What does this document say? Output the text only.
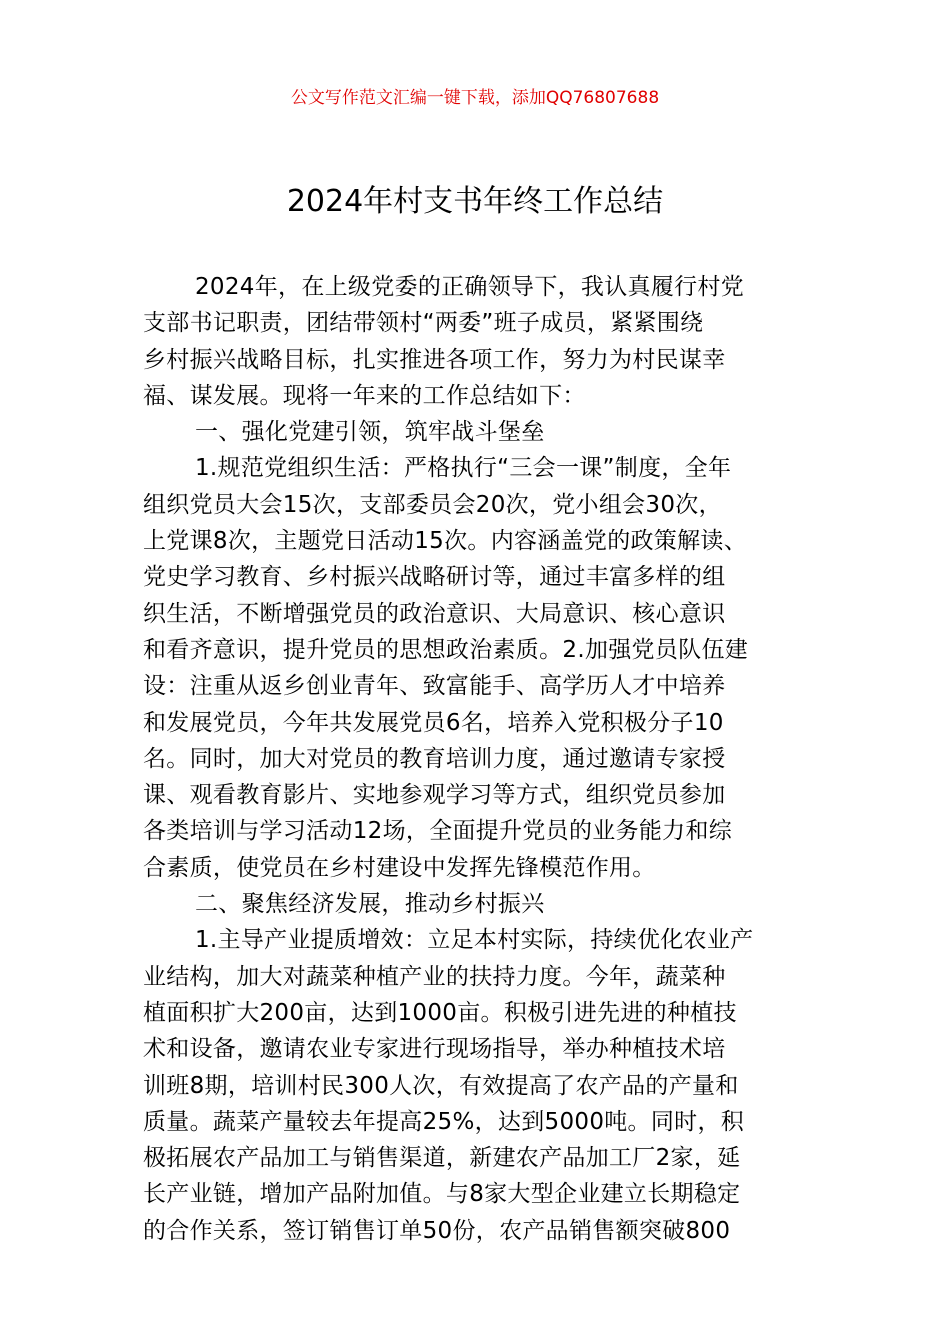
公文写作范文汇编一键下载，添加QQ76807688
2024年村支书年终工作总结
2024年，在上级党委的正确领导下，我认真履行村党
支部书记职责，团结带领村“两委”班子成员，紧紧围绕
乡村振兴战略目标，扎实推进各项工作，努力为村民谋幸
福、谋发展。现将一年来的工作总结如下：
一、强化党建引领，筑牢战斗堡垒
1.规范党组织生活：严格执行“三会一课”制度，全年
组织党员大会15次，支部委员会20次，党小组会30次，
上党课8次，主题党日活动15次。内容涵盖党的政策解读、
党史学习教育、乡村振兴战略研讨等，通过丰富多样的组
织生活，不断增强党员的政治意识、大局意识、核心意识
和看齐意识，提升党员的思想政治素质。2.加强党员队伍建
设：注重从返乡创业青年、致富能手、高学历人才中培养
和发展党员，今年共发展党员6名，培养入党积极分子10
名。同时，加大对党员的教育培训力度，通过邀请专家授
课、观看教育影片、实地参观学习等方式，组织党员参加
各类培训与学习活动12场，全面提升党员的业务能力和综
合素质，使党员在乡村建设中发挥先锋模范作用。
二、聚焦经济发展，推动乡村振兴
1.主导产业提质增效：立足本村实际，持续优化农业产
业结构，加大对蔬菜种植产业的扶持力度。今年，蔬菜种
植面积扩大200亩，达到1000亩。积极引进先进的种植技
术和设备，邀请农业专家进行现场指导，举办种植技术培
训班8期，培训村民300人次，有效提高了农产品的产量和
质量。蔬菜产量较去年提高25%，达到5000吨。同时，积
极拓展农产品加工与销售渠道，新建农产品加工厂2家，延
长产业链，增加产品附加值。与8家大型企业建立长期稳定
的合作关系，签订销售订单50份，农产品销售额突破800
